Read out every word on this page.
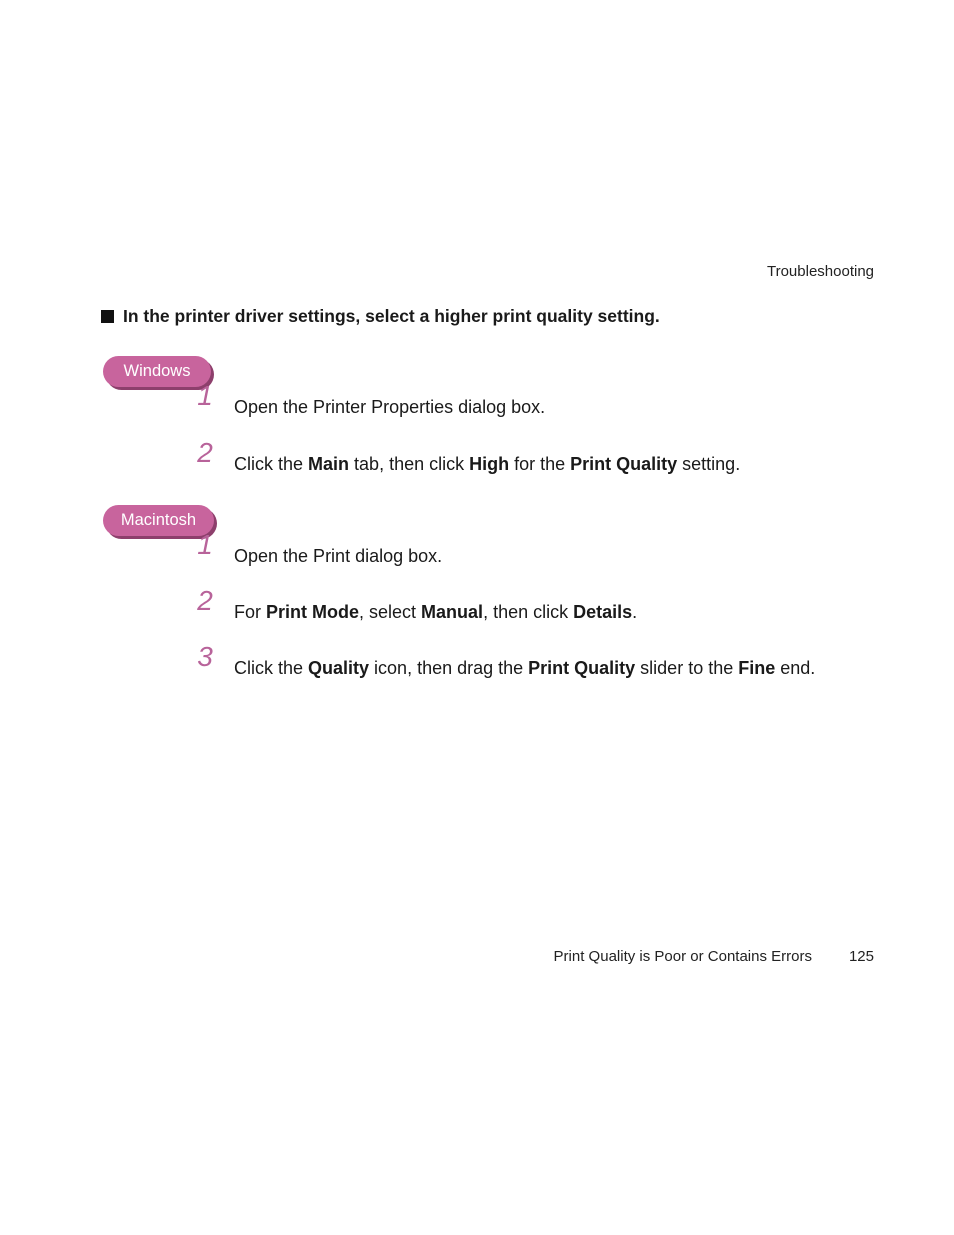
Troubleshooting
In the printer driver settings, select a higher print quality setting.
Windows
1	Open the Printer Properties dialog box.
2	Click the Main tab, then click High for the Print Quality setting.
Macintosh
1	Open the Print dialog box.
2	For Print Mode, select Manual, then click Details.
3	Click the Quality icon, then drag the Print Quality slider to the Fine end.
Print Quality is Poor or Contains Errors 125
